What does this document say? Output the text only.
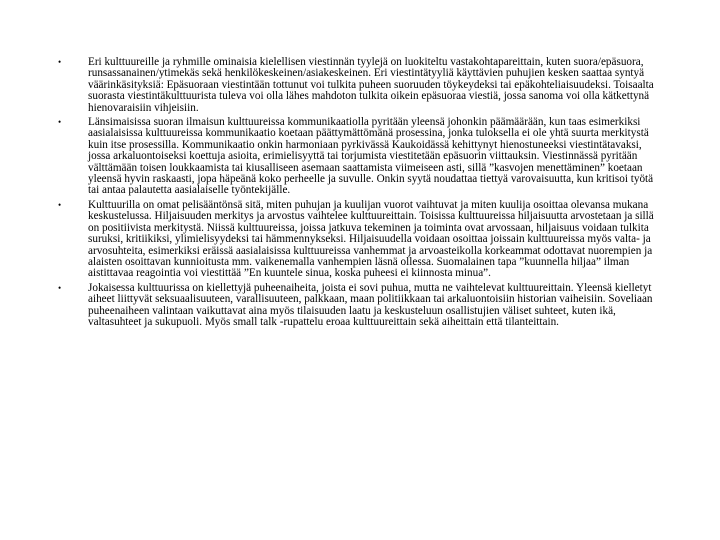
•	Eri kulttuureille ja ryhmille ominaisia kielellisen viestinnän tyylejä on luokiteltu vastakohtapareittain, kuten suora/epäsuora, runsassanainen/ytimekäs sekä henkilökeskeinen/asiakeskeinen. Eri viestintätyyliä käyttävien puhujien kesken saattaa syntyä väärinkäsityksiä: Epäsuoraan viestintään tottunut voi tulkita puheen suoruuden töykeydeksi tai epäkohteliaisuudeksi. Toisaalta suorasta viestintäkulttuurista tuleva voi olla lähes mahdoton tulkita oikein epäsuoraa viestiä, jossa sanoma voi olla kätkettynä hienovaraisiin vihjeisiin.
•	Länsimaisissa suoran ilmaisun kulttuureissa kommunikaatiolla pyritään yleensä johonkin päämäärään, kun taas esimerkiksi aasialaisissa kulttuureissa kommunikaatio koetaan päättymättömänä prosessina, jonka tuloksella ei ole yhtä suurta merkitystä kuin itse prosessilla. Kommunikaatio onkin harmoniaan pyrkivässä Kaukoidässä kehittynyt hienostuneeksi viestintätavaksi, jossa arkaluontoiseksi koettuja asioita, erimielisyyttä tai torjumista viestitetään epäsuorin viittauksin. Viestinnässä pyritään välttämään toisen loukkaamista tai kiusalliseen asemaan saattamista viimeiseen asti, sillä ”kasvojen menettäminen” koetaan yleensä hyvin raskaasti, jopa häpeänä koko perheelle ja suvulle. Onkin syytä noudattaa tiettyä varovaisuutta, kun kritisoi työtä tai antaa palautetta aasialaiselle työntekijälle.
•	Kulttuurilla on omat pelisääntönsä sitä, miten puhujan ja kuulijan vuorot vaihtuvat ja miten kuulija osoittaa olevansa mukana keskustelussa. Hiljaisuuden merkitys ja arvostus vaihtelee kulttuureittain. Toisissa kulttuureissa hiljaisuutta arvostetaan ja sillä on positiivista merkitystä. Niissä kulttuureissa, joissa jatkuva tekeminen ja toiminta ovat arvossaan, hiljaisuus voidaan tulkita suruksi, kritiikiksi, ylimielisyydeksi tai hämmennykseksi. Hiljaisuudella voidaan osoittaa joissain kulttuureissa myös valta- ja arvosuhteita, esimerkiksi eräissä aasialaisissa kulttuureissa vanhemmat ja arvoasteikolla korkeammat odottavat nuorempien ja alaisten osoittavan kunnioitusta mm. vaikenemalla vanhempien läsnä ollessa. Suomalainen tapa ”kuunnella hiljaa” ilman aistittavaa reagointia voi viestittää ”En kuuntele sinua, koska puheesi ei kiinnosta minua”.
•	Jokaisessa kulttuurissa on kiellettyjä puheenaiheita, joista ei sovi puhua, mutta ne vaihtelevat kulttuureittain. Yleensä kielletyt aiheet liittyvät seksuaalisuuteen, varallisuuteen, palkkaan, maan politiikkaan tai arkaluontoisiin historian vaiheisiin. Soveliaan puheenaiheen valintaan vaikuttavat aina myös tilaisuuden laatu ja keskusteluun osallistujien väliset suhteet, kuten ikä, valtasuhteet ja sukupuoli. Myös small talk -rupattelu eroaa kulttuureittain sekä aiheittain että tilanteittain.
